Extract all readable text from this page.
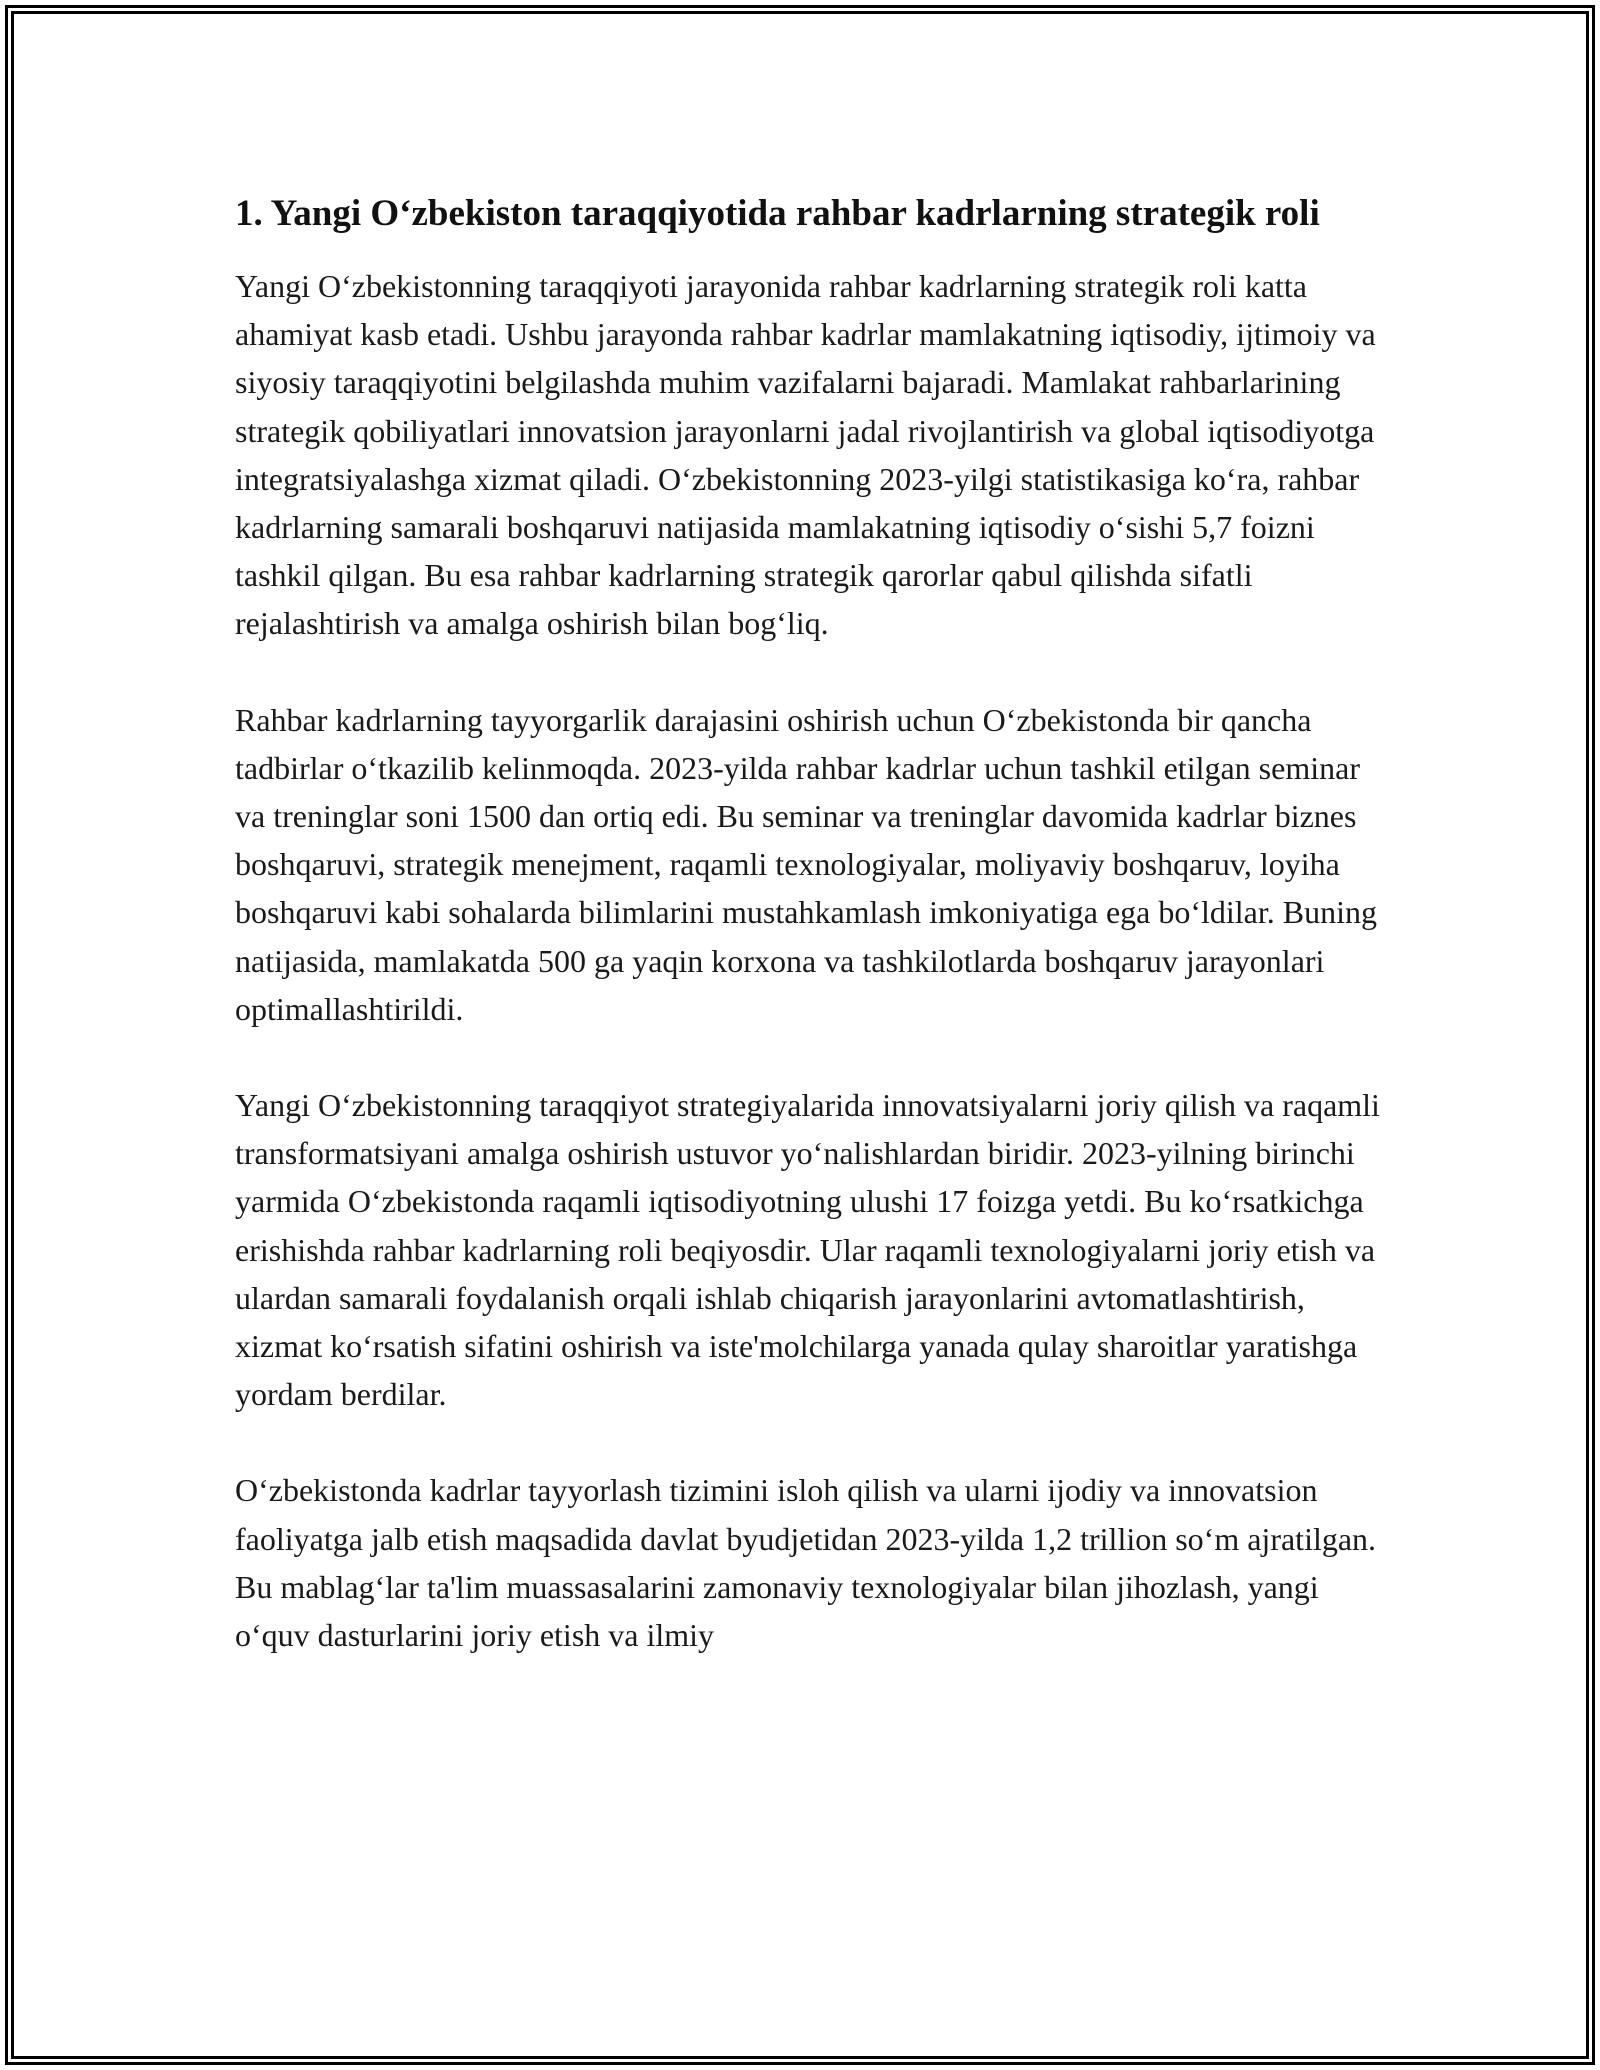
1. Yangi O‘zbekiston taraqqiyotida rahbar kadrlarning strategik roli

Yangi O‘zbekistonning taraqqiyoti jarayonida rahbar kadrlarning strategik roli katta ahamiyat kasb etadi. Ushbu jarayonda rahbar kadrlar mamlakatning iqtisodiy, ijtimoiy va siyosiy taraqqiyotini belgilashda muhim vazifalarni bajaradi. Mamlakat rahbarlarining strategik qobiliyatlari innovatsion jarayonlarni jadal rivojlantirish va global iqtisodiyotga integratsiyalashga xizmat qiladi. O‘zbekistonning 2023-yilgi statistikasiga ko‘ra, rahbar kadrlarning samarali boshqaruvi natijasida mamlakatning iqtisodiy o‘sishi 5,7 foizni tashkil qilgan. Bu esa rahbar kadrlarning strategik qarorlar qabul qilishda sifatli rejalashtirish va amalga oshirish bilan bog‘liq.

Rahbar kadrlarning tayyorgarlik darajasini oshirish uchun O‘zbekistonda bir qancha tadbirlar o‘tkazilib kelinmoqda. 2023-yilda rahbar kadrlar uchun tashkil etilgan seminar va treninglar soni 1500 dan ortiq edi. Bu seminar va treninglar davomida kadrlar biznes boshqaruvi, strategik menejment, raqamli texnologiyalar, moliyaviy boshqaruv, loyiha boshqaruvi kabi sohalarda bilimlarini mustahkamlash imkoniyatiga ega bo‘ldilar. Buning natijasida, mamlakatda 500 ga yaqin korxona va tashkilotlarda boshqaruv jarayonlari optimallashtirildi.

Yangi O‘zbekistonning taraqqiyot strategiyalarida innovatsiyalarni joriy qilish va raqamli transformatsiyani amalga oshirish ustuvor yo‘nalishlardan biridir. 2023-yilning birinchi yarmida O‘zbekistonda raqamli iqtisodiyotning ulushi 17 foizga yetdi. Bu ko‘rsatkichga erishishda rahbar kadrlarning roli beqiyosdir. Ular raqamli texnologiyalarni joriy etish va ulardan samarali foydalanish orqali ishlab chiqarish jarayonlarini avtomatlashtirish, xizmat ko‘rsatish sifatini oshirish va iste'molchilarga yanada qulay sharoitlar yaratishga yordam berdilar.

O‘zbekistonda kadrlar tayyorlash tizimini isloh qilish va ularni ijodiy va innovatsion faoliyatga jalb etish maqsadida davlat byudjetidan 2023-yilda 1,2 trillion so‘m ajratilgan. Bu mablag‘lar ta'lim muassasalarini zamonaviy texnologiyalar bilan jihozlash, yangi o‘quv dasturlarini joriy etish va ilmiy
